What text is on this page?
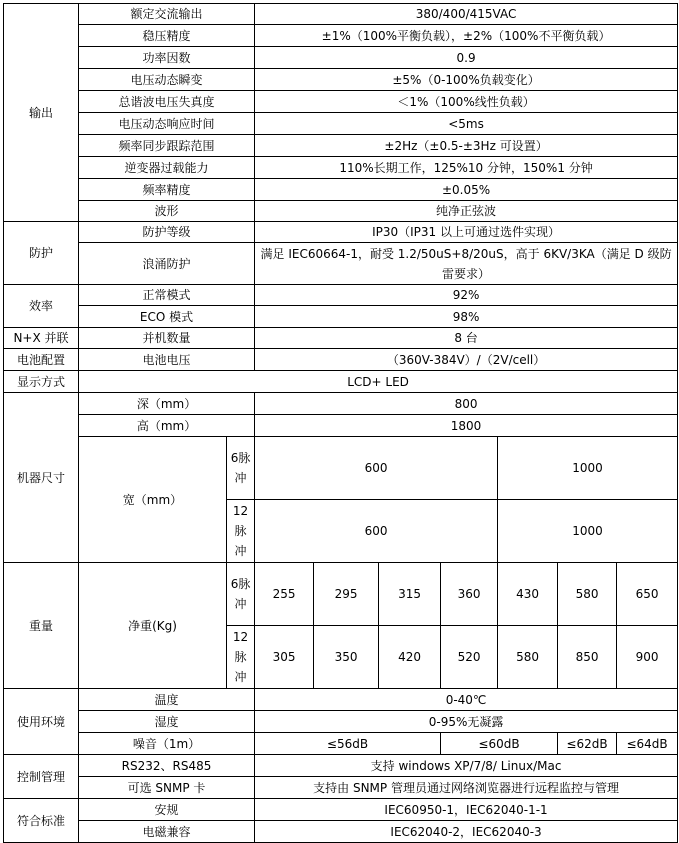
输出	额定交流输出		380/400/415VAC						
	稳压精度		±1%（100%平衡负载），±2%（100%不平衡负载）						
	功率因数		0.9						
	电压动态瞬变		±5%（0-100%负载变化）						
	总谐波电压失真度		＜1%（100%线性负载）						
	电压动态响应时间		<5ms						
	频率同步跟踪范围		±2Hz（±0.5-±3Hz 可设置）						
	逆变器过载能力		110%长期工作，125%10 分钟，150%1 分钟						
	频率精度		±0.05%						
	波形		纯净正弦波						
防护	防护等级		IP30（IP31 以上可通过选件实现）						
	浪涌防护		满足 IEC60664-1，耐受 1.2/50uS+8/20uS，高于 6KV/3KA（满足 D 级防雷要求）						
效率	正常模式		92%						
	ECO 模式		98%						
N+X 并联	并机数量		8 台						
电池配置	电池电压		（360V-384V）/（2V/cell）						
显示方式	LCD+ LED								
机器尺寸	深（mm）		800						
	高（mm）		1800						
	宽（mm）	6脉冲	600				1000		
		12脉冲	600				1000		
重量	净重(Kg)	6脉冲	255	295	315	360	430	580	650
		12脉冲	305	350	420	520	580	850	900
使用环境	温度		0-40℃						
	湿度		0-95%无凝露						
	噪音（1m）		≤56dB			≤60dB		≤62dB	≤64dB
控制管理	RS232、RS485		支持 windows XP/7/8/ Linux/Mac						
	可选 SNMP 卡		支持由 SNMP 管理员通过网络浏览器进行远程监控与管理						
符合标准	安规		IEC60950-1，IEC62040-1-1						
	电磁兼容		IEC62040-2，IEC62040-3						
